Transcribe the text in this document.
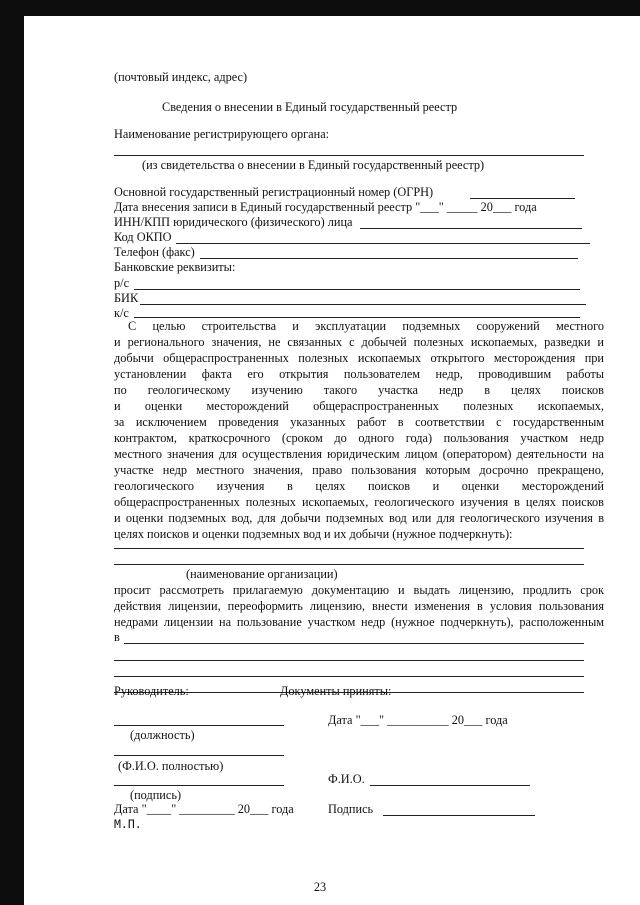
(почтовый индекс, адрес)
Сведения о внесении в Единый государственный реестр
Наименование регистрирующего органа:
(из свидетельства о внесении в Единый государственный реестр)
Основной государственный регистрационный номер (ОГРН)
Дата внесения записи в Единый государственный реестр "___" _____ 20___ года
ИНН/КПП юридического (физического) лица
Код ОКПО
Телефон (факс)
Банковские реквизиты:
р/с
БИК
к/с
С целью строительства и эксплуатации подземных сооружений местного
и регионального значения, не связанных с добычей полезных ископаемых, разведки и
добычи общераспространенных полезных ископаемых открытого месторождения при
установлении факта его открытия пользователем недр, проводившим работы
по геологическому изучению такого участка недр в целях поисков
и оценки месторождений общераспространенных полезных ископаемых,
за исключением проведения указанных работ в соответствии с государственным
контрактом, краткосрочного (сроком до одного года) пользования участком недр
местного значения для осуществления юридическим лицом (оператором) деятельности на
участке недр местного значения, право пользования которым досрочно прекращено,
геологического изучения в целях поисков и оценки месторождений
общераспространенных полезных ископаемых, геологического изучения в целях поисков
и оценки подземных вод, для добычи подземных вод или для геологического изучения в
целях поисков и оценки подземных вод и их добычи (нужное подчеркнуть):
(наименование организации)
просит рассмотреть прилагаемую документацию и выдать лицензию, продлить срок
действия лицензии, переоформить лицензию, внести изменения в условия пользования
недрами лицензии на пользование участком недр (нужное подчеркнуть), расположенным
в
Руководитель:	Документы приняты:
Дата "___" __________ 20___ года
(должность)
(Ф.И.О. полностью)
Ф.И.О.
(подпись)
Дата "____" _________ 20___ года	Подпись
М.П.
23
